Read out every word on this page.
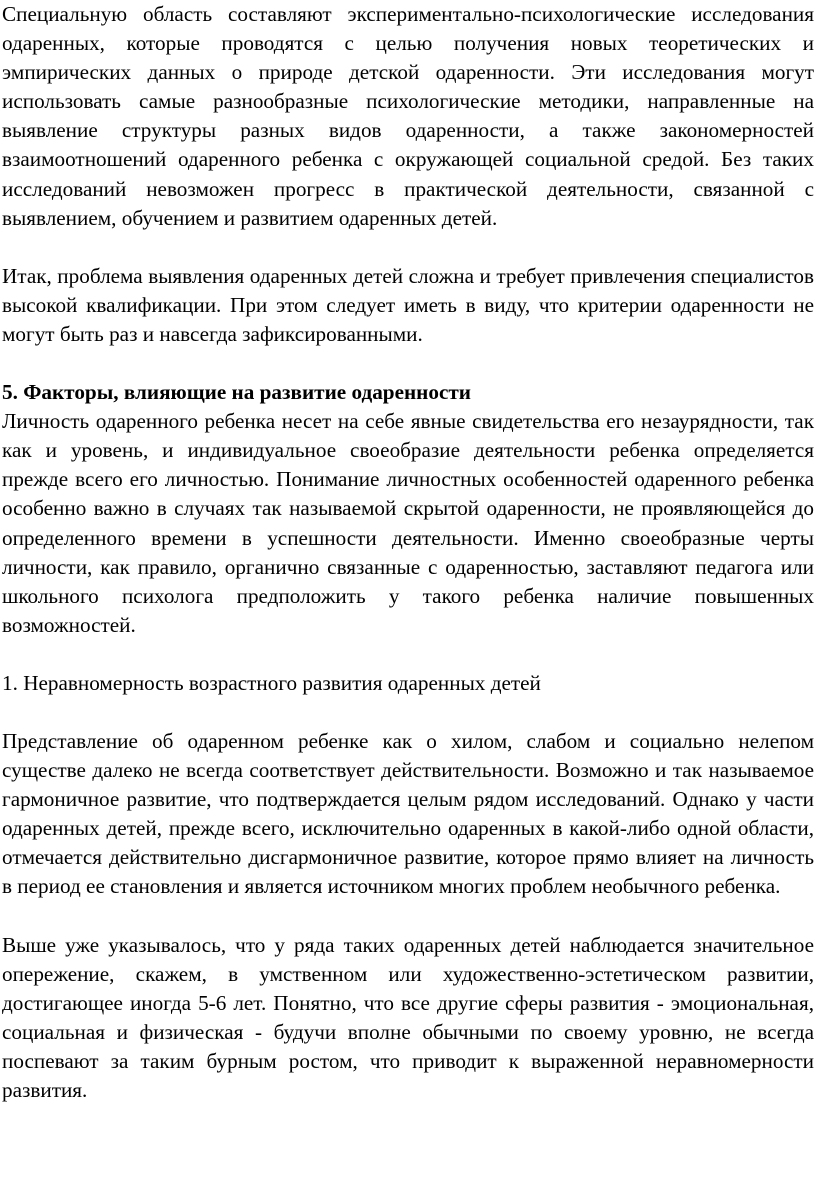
Специальную область составляют экспериментально-психологические исследования одаренных, которые проводятся с целью получения новых теоретических и эмпирических данных о природе детской одаренности. Эти исследования могут использовать самые разнообразные психологические методики, направленные на выявление структуры разных видов одаренности, а также закономерностей взаимоотношений одаренного ребенка с окружающей социальной средой. Без таких исследований невозможен прогресс в практической деятельности, связанной с выявлением, обучением и развитием одаренных детей.

Итак, проблема выявления одаренных детей сложна и требует привлечения специалистов высокой квалификации. При этом следует иметь в виду, что критерии одаренности не могут быть раз и навсегда зафиксированными.

5. Факторы, влияющие на развитие одаренности

Личность одаренного ребенка несет на себе явные свидетельства его незаурядности, так как и уровень, и индивидуальное своеобразие деятельности ребенка определяется прежде всего его личностью. Понимание личностных особенностей одаренного ребенка особенно важно в случаях так называемой скрытой одаренности, не проявляющейся до определенного времени в успешности деятельности. Именно своеобразные черты личности, как правило, органично связанные с одаренностью, заставляют педагога или школьного психолога предположить у такого ребенка наличие повышенных возможностей.

1. Неравномерность возрастного развития одаренных детей

Представление об одаренном ребенке как о хилом, слабом и социально нелепом существе далеко не всегда соответствует действительности. Возможно и так называемое гармоничное развитие, что подтверждается целым рядом исследований. Однако у части одаренных детей, прежде всего, исключительно одаренных в какой-либо одной области, отмечается действительно дисгармоничное развитие, которое прямо влияет на личность в период ее становления и является источником многих проблем необычного ребенка.

Выше уже указывалось, что у ряда таких одаренных детей наблюдается значительное опережение, скажем, в умственном или художественно-эстетическом развитии, достигающее иногда 5-6 лет. Понятно, что все другие сферы развития - эмоциональная, социальная и физическая - будучи вполне обычными по своему уровню, не всегда поспевают за таким бурным ростом, что приводит к выраженной неравномерности развития.
